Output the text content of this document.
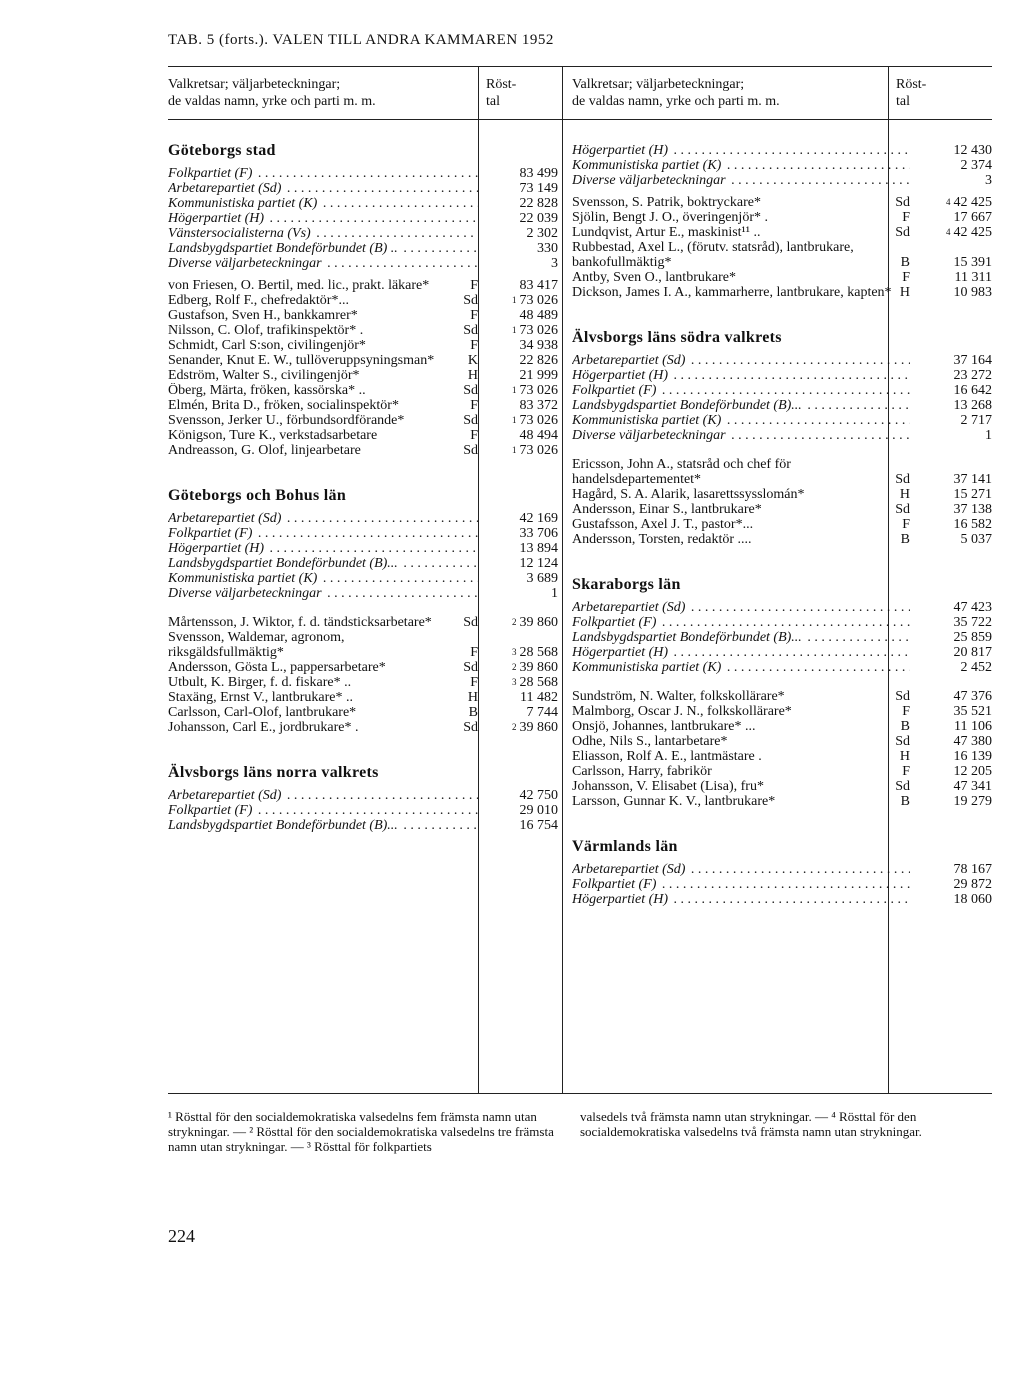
TAB. 5 (forts.). VALEN TILL ANDRA KAMMAREN 1952
Valkretsar; väljarbeteckningar;
de valdas namn, yrke och parti m. m.
Röst-
tal
Valkretsar; väljarbeteckningar;
de valdas namn, yrke och parti m. m.
Röst-
tal
Göteborgs stad
Folkpartiet (F) . . .	83 499
Arbetarepartiet (Sd) . . .	73 149
Kommunistiska partiet (K) . . .	22 828
Högerpartiet (H) . . .	22 039
Vänstersocialisterna (Vs) . . .	2 302
Landsbygdspartiet Bondeförbundet (B) .. . . .	330
Diverse väljarbeteckningar . . .	3
von Friesen, O. Bertil, med. lic., prakt. läkare*	F	83 417
Edberg, Rolf F., chefredaktör*...	Sd	$^1$ 73 026
Gustafson, Sven H., bankkamrer*	F	48 489
Nilsson, C. Olof, trafikinspektör* .	Sd	$^1$ 73 026
Schmidt, Carl S:son, civilingenjör*	F	34 938
Senander, Knut E. W., tullöveruppsyningsman*	K	22 826
Edström, Walter S., civilingenjör*	H	21 999
Öberg, Märta, fröken, kassörska* ..	Sd	$^1$ 73 026
Elmén, Brita D., fröken, socialinspektör*	F	83 372
Svensson, Jerker U., förbundsordförande*	Sd	$^1$ 73 026
Königson, Ture K., verkstadsarbetare	F	48 494
Andreasson, G. Olof, linjearbetare	Sd	$^1$ 73 026
Göteborgs och Bohus län
Arbetarepartiet (Sd) . . .	42 169
Folkpartiet (F) . . .	33 706
Högerpartiet (H) . . .	13 894
Landsbygdspartiet Bondeförbundet (B)... . . .	12 124
Kommunistiska partiet (K) . . .	3 689
Diverse väljarbeteckningar . . .	1
Mårtensson, J. Wiktor, f. d. tändsticksarbetare*	Sd	$^2$ 39 860
Svensson, Waldemar, agronom, riksgäldsfullmäktig*	F	$^3$ 28 568
Andersson, Gösta L., pappersarbetare*	Sd	$^2$ 39 860
Utbult, K. Birger, f. d. fiskare* ..	F	$^3$ 28 568
Staxäng, Ernst V., lantbrukare* ..	H	11 482
Carlsson, Carl-Olof, lantbrukare*	B	7 744
Johansson, Carl E., jordbrukare* .	Sd	$^2$ 39 860
Älvsborgs läns norra valkrets
Arbetarepartiet (Sd) . . .	42 750
Folkpartiet (F) . . .	29 010
Landsbygdspartiet Bondeförbundet (B)... . . .	16 754
Högerpartiet (H) . . .	12 430
Kommunistiska partiet (K) . . .	2 374
Diverse väljarbeteckningar . . .	3
Svensson, S. Patrik, boktryckare*	Sd	$^4$ 42 425
Sjölin, Bengt J. O., överingenjör* .	F	17 667
Lundqvist, Artur E., maskinist¹¹ ..	Sd	$^4$ 42 425
Rubbestad, Axel L., (förutv. statsråd), lantbrukare, bankofullmäktig*	B	15 391
Antby, Sven O., lantbrukare*	F	11 311
Dickson, James I. A., kammarherre, lantbrukare, kapten* H	10 983
Älvsborgs läns södra valkrets
Arbetarepartiet (Sd) . . .	37 164
Högerpartiet (H) . . .	23 272
Folkpartiet (F) . . .	16 642
Landsbygdspartiet Bondeförbundet (B)... . . .	13 268
Kommunistiska partiet (K) . . .	2 717
Diverse väljarbeteckningar . . .	1
Ericsson, John A., statsråd och chef för handelsdepartementet*	Sd	37 141
Hagård, S. A. Alarik, lasarettssysslomán*	H	15 271
Andersson, Einar S., lantbrukare*	Sd	37 138
Gustafsson, Axel J. T., pastor*...	F	16 582
Andersson, Torsten, redaktör ....	B	5 037
Skaraborgs län
Arbetarepartiet (Sd) . . .	47 423
Folkpartiet (F) . . .	35 722
Landsbygdspartiet Bondeförbundet (B)... . . .	25 859
Högerpartiet (H) . . .	20 817
Kommunistiska partiet (K) . . .	2 452
Sundström, N. Walter, folkskollärare*	Sd	47 376
Malmborg, Oscar J. N., folkskollärare*	F	35 521
Onsjö, Johannes, lantbrukare* ...	B	11 106
Odhe, Nils S., lantarbetare*	Sd	47 380
Eliasson, Rolf A. E., lantmästare .	H	16 139
Carlsson, Harry, fabrikör	F	12 205
Johansson, V. Elisabet (Lisa), fru*	Sd	47 341
Larsson, Gunnar K. V., lantbrukare*	B	19 279
Värmlands län
Arbetarepartiet (Sd) . . .	78 167
Folkpartiet (F) . . .	29 872
Högerpartiet (H) . . .	18 060
¹ Rösttal för den socialdemokratiska valsedelns fem främsta namn utan strykningar. — ² Rösttal för den socialdemokratiska valsedelns tre främsta namn utan strykningar. — ³ Rösttal för folkpartiets
valsedels två främsta namn utan strykningar. — ⁴ Rösttal för den socialdemokratiska valsedelns två främsta namn utan strykningar.
224
